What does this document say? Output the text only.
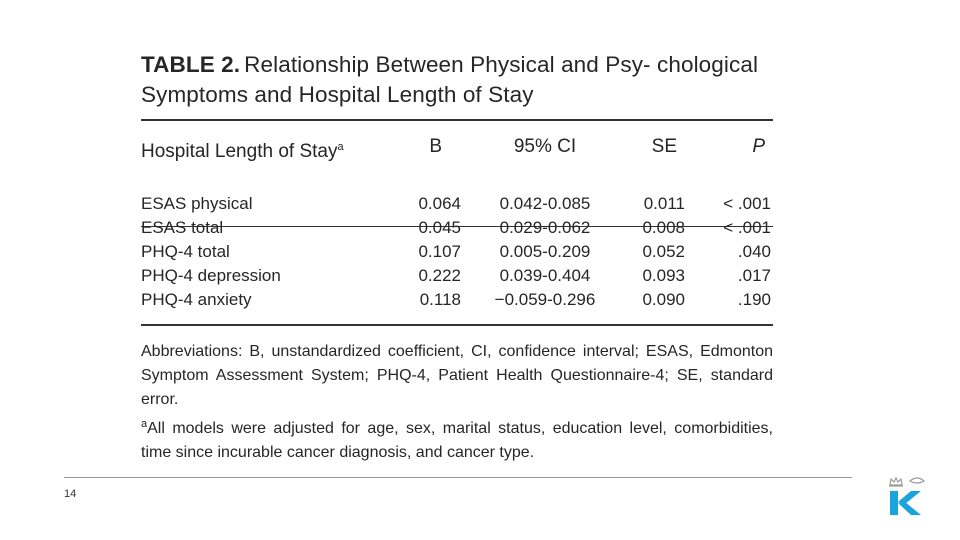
TABLE 2. Relationship Between Physical and Psy- chological Symptoms and Hospital Length of Stay
Hospital Length of Stay$^a$	B	95% CI	SE	P
ESAS physical	0.064	0.042-0.085	0.011	< .001
ESAS total	0.045	0.029-0.062	0.008	< .001
PHQ-4 total	0.107	0.005-0.209	0.052	.040
PHQ-4 depression	0.222	0.039-0.404	0.093	.017
PHQ-4 anxiety	0.118	−0.059-0.296	0.090	.190

Abbreviations: B, unstandardized coefficient, CI, confidence interval; ESAS, Edmonton Symptom Assessment System; PHQ-4, Patient Health Questionnaire-4; SE, standard error.

$^a$All models were adjusted for age, sex, marital status, education level, comorbidities, time since incurable cancer diagnosis, and cancer type.

14
